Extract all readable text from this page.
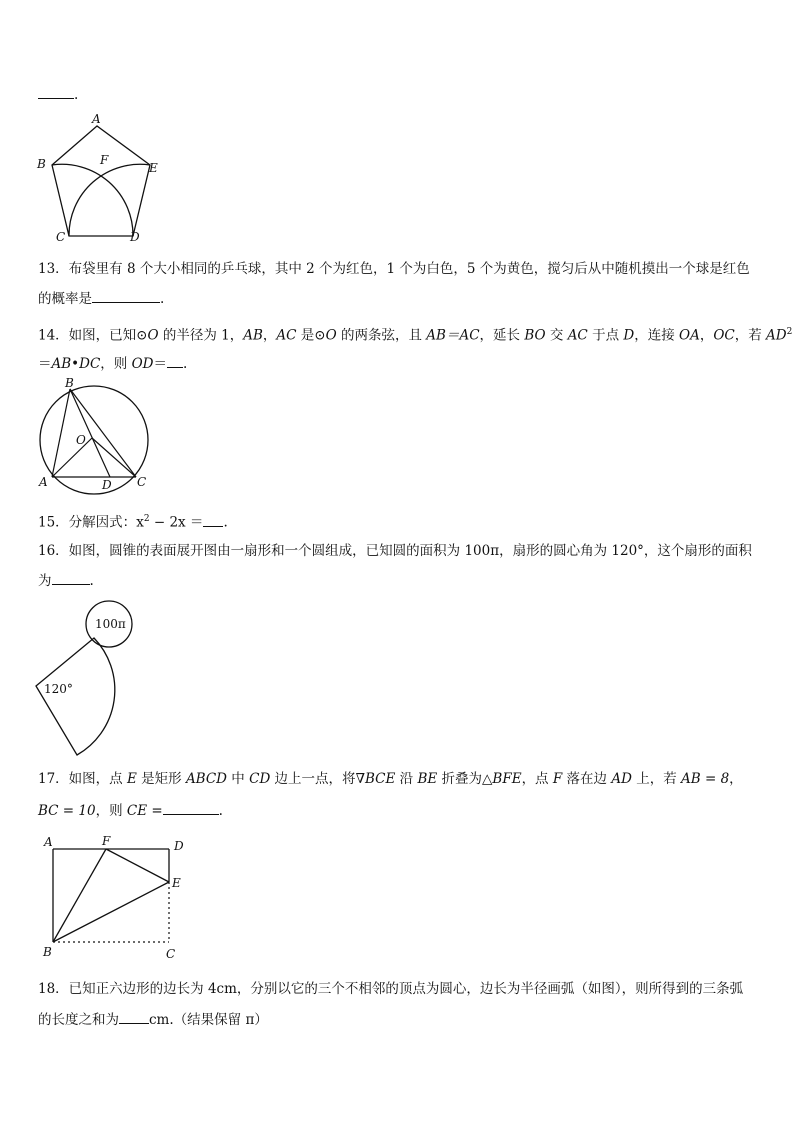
.
A
B	E
F
C	D
13．布袋里有 8 个大小相同的乒乓球，其中 2 个为红色，1 个为白色，5 个为黄色，搅匀后从中随机摸出一个球是红色
的概率是	.
14．如图，已知⊙O 的半径为 1，AB，AC 是⊙O 的两条弦，且 AB＝AC，延长 BO 交 AC 于点 D，连接 OA，OC，若 $AD^2$
＝AB•DC，则 OD＝ .
B
O
A	D C
15．分解因式：$x^2 - 2x$ ＝ .
16．如图，圆锥的表面展开图由一扇形和一个圆组成，已知圆的面积为 100π，扇形的圆心角为 120°，这个扇形的面积
为	.
100π
120°
17．如图，点 E 是矩形 ABCD 中 CD 边上一点，将∇BCE 沿 BE 折叠为△BFE，点 F 落在边 AD 上，若 AB = 8，
BC = 10，则 CE =	.
A	F	D
E
B	C
18．已知正六边形的边长为 4cm，分别以它的三个不相邻的顶点为圆心，边长为半径画弧（如图），则所得到的三条弧
的长度之和为 cm.（结果保留 π）
